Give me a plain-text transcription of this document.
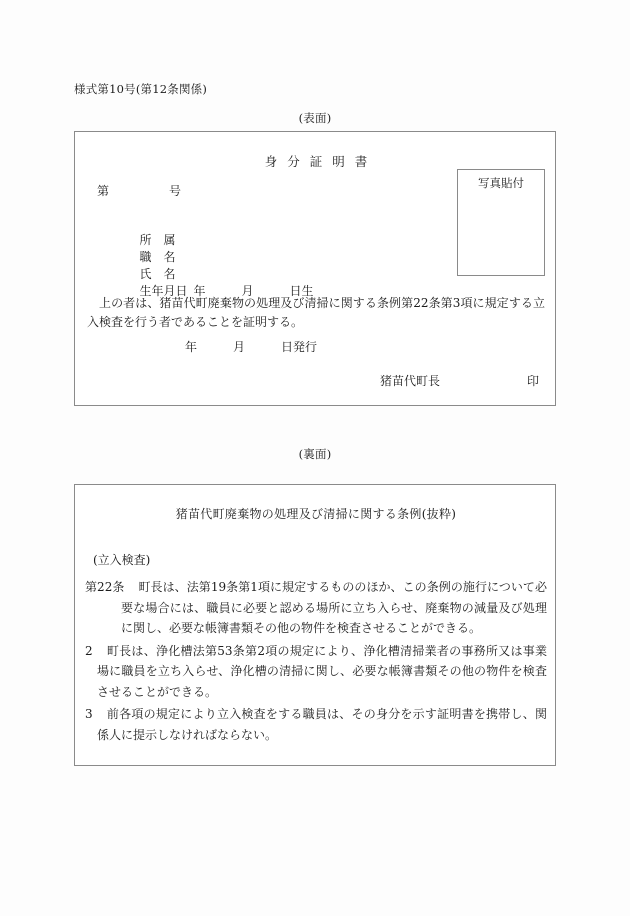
様式第10号(第12条関係)
(表面)
身分証明書
第　　　　　号

所　属

職　名

氏　名

生年月日 年　　　月　　　日生

写真貼付
上の者は、猪苗代町廃棄物の処理及び清掃に関する条例第22条第3項に規定する立入検査を行う者であることを証明する。
年　　　月　　　日発行
猪苗代町長	印
(裏面)
猪苗代町廃棄物の処理及び清掃に関する条例(抜粋)
(立入検査)
第22条 町長は、法第19条第1項に規定するもののほか、この条例の施行について必要な場合には、職員に必要と認める場所に立ち入らせ、廃棄物の減量及び処理に関し、必要な帳簿書類その他の物件を検査させることができる。
2 町長は、浄化槽法第53条第2項の規定により、浄化槽清掃業者の事務所又は事業場に職員を立ち入らせ、浄化槽の清掃に関し、必要な帳簿書類その他の物件を検査させることができる。
3 前各項の規定により立入検査をする職員は、その身分を示す証明書を携帯し、関係人に提示しなければならない。
